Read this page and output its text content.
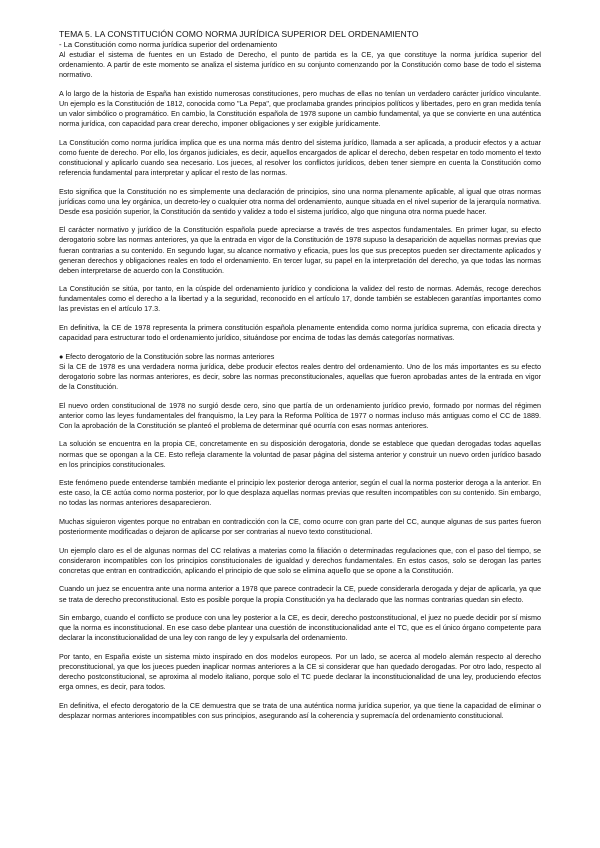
TEMA 5. LA CONSTITUCIÓN COMO NORMA JURÍDICA SUPERIOR DEL ORDENAMIENTO
- La Constitución como norma jurídica superior del ordenamiento

Al estudiar el sistema de fuentes en un Estado de Derecho, el punto de partida es la CE, ya que constituye la norma jurídica superior del ordenamiento. A partir de este momento se analiza el sistema jurídico en su conjunto comenzando por la Constitución como base de todo el sistema normativo.

A lo largo de la historia de España han existido numerosas constituciones, pero muchas de ellas no tenían un verdadero carácter jurídico vinculante. Un ejemplo es la Constitución de 1812, conocida como "La Pepa", que proclamaba grandes principios políticos y libertades, pero en gran medida tenía un valor simbólico o programático. En cambio, la Constitución española de 1978 supone un cambio fundamental, ya que se convierte en una auténtica norma jurídica, con capacidad para crear derecho, imponer obligaciones y ser exigible jurídicamente.

La Constitución como norma jurídica implica que es una norma más dentro del sistema jurídico, llamada a ser aplicada, a producir efectos y a actuar como fuente de derecho. Por ello, los órganos judiciales, es decir, aquellos encargados de aplicar el derecho, deben respetar en todo momento el texto constitucional y aplicarlo cuando sea necesario. Los jueces, al resolver los conflictos jurídicos, deben tener siempre en cuenta la Constitución como referencia fundamental para interpretar y aplicar el resto de las normas.

Esto significa que la Constitución no es simplemente una declaración de principios, sino una norma plenamente aplicable, al igual que otras normas jurídicas como una ley orgánica, un decreto-ley o cualquier otra norma del ordenamiento, aunque situada en el nivel superior de la jerarquía normativa. Desde esa posición superior, la Constitución da sentido y validez a todo el sistema jurídico, algo que ninguna otra norma puede hacer.

El carácter normativo y jurídico de la Constitución española puede apreciarse a través de tres aspectos fundamentales. En primer lugar, su efecto derogatorio sobre las normas anteriores, ya que la entrada en vigor de la Constitución de 1978 supuso la desaparición de aquellas normas previas que fueran contrarias a su contenido. En segundo lugar, su alcance normativo y eficacia, pues los que sus preceptos pueden ser directamente aplicados y generan derechos y obligaciones reales en todo el ordenamiento. En tercer lugar, su papel en la interpretación del derecho, ya que todas las normas deben interpretarse de acuerdo con la Constitución.

La Constitución se sitúa, por tanto, en la cúspide del ordenamiento jurídico y condiciona la validez del resto de normas. Además, recoge derechos fundamentales como el derecho a la libertad y a la seguridad, reconocido en el artículo 17, donde también se establecen garantías importantes como las previstas en el artículo 17.3.

En definitiva, la CE de 1978 representa la primera constitución española plenamente entendida como norma jurídica suprema, con eficacia directa y capacidad para estructurar todo el ordenamiento jurídico, situándose por encima de todas las demás categorías normativas.

● Efecto derogatorio de la Constitución sobre las normas anteriores

Si la CE de 1978 es una verdadera norma jurídica, debe producir efectos reales dentro del ordenamiento. Uno de los más importantes es su efecto derogatorio sobre las normas anteriores, es decir, sobre las normas preconstitucionales, aquellas que fueron aprobadas antes de la entrada en vigor de la Constitución.

El nuevo orden constitucional de 1978 no surgió desde cero, sino que partía de un ordenamiento jurídico previo, formado por normas del régimen anterior como las leyes fundamentales del franquismo, la Ley para la Reforma Política de 1977 o normas incluso más antiguas como el CC de 1889. Con la aprobación de la Constitución se planteó el problema de determinar qué ocurría con esas normas anteriores.

La solución se encuentra en la propia CE, concretamente en su disposición derogatoria, donde se establece que quedan derogadas todas aquellas normas que se opongan a la CE. Esto refleja claramente la voluntad de pasar página del sistema anterior y construir un nuevo orden jurídico basado en los principios constitucionales.

Este fenómeno puede entenderse también mediante el principio lex posterior deroga anterior, según el cual la norma posterior deroga a la anterior. En este caso, la CE actúa como norma posterior, por lo que desplaza aquellas normas previas que resulten incompatibles con su contenido. Sin embargo, no todas las normas anteriores desaparecieron.

Muchas siguieron vigentes porque no entraban en contradicción con la CE, como ocurre con gran parte del CC, aunque algunas de sus partes fueron posteriormente modificadas o dejaron de aplicarse por ser contrarias al nuevo texto constitucional.

Un ejemplo claro es el de algunas normas del CC relativas a materias como la filiación o determinadas regulaciones que, con el paso del tiempo, se consideraron incompatibles con los principios constitucionales de igualdad y derechos fundamentales. En estos casos, solo se derogan las partes concretas que entran en contradicción, aplicando el principio de que solo se elimina aquello que se opone a la Constitución.

Cuando un juez se encuentra ante una norma anterior a 1978 que parece contradecir la CE, puede considerarla derogada y dejar de aplicarla, ya que se trata de derecho preconstitucional. Esto es posible porque la propia Constitución ya ha declarado que las normas contrarias quedan sin efecto.

Sin embargo, cuando el conflicto se produce con una ley posterior a la CE, es decir, derecho postconstitucional, el juez no puede decidir por sí mismo que la norma es inconstitucional. En ese caso debe plantear una cuestión de inconstitucionalidad ante el TC, que es el único órgano competente para declarar la inconstitucionalidad de una ley con rango de ley y expulsarla del ordenamiento.

Por tanto, en España existe un sistema mixto inspirado en dos modelos europeos. Por un lado, se acerca al modelo alemán respecto al derecho preconstitucional, ya que los jueces pueden inaplicar normas anteriores a la CE si considerar que han quedado derogadas. Por otro lado, respecto al derecho postconstitucional, se aproxima al modelo italiano, porque solo el TC puede declarar la inconstitucionalidad de una ley, produciendo efectos erga omnes, es decir, para todos.

En definitiva, el efecto derogatorio de la CE demuestra que se trata de una auténtica norma jurídica superior, ya que tiene la capacidad de eliminar o desplazar normas anteriores incompatibles con sus principios, asegurando así la coherencia y supremacía del ordenamiento constitucional.
